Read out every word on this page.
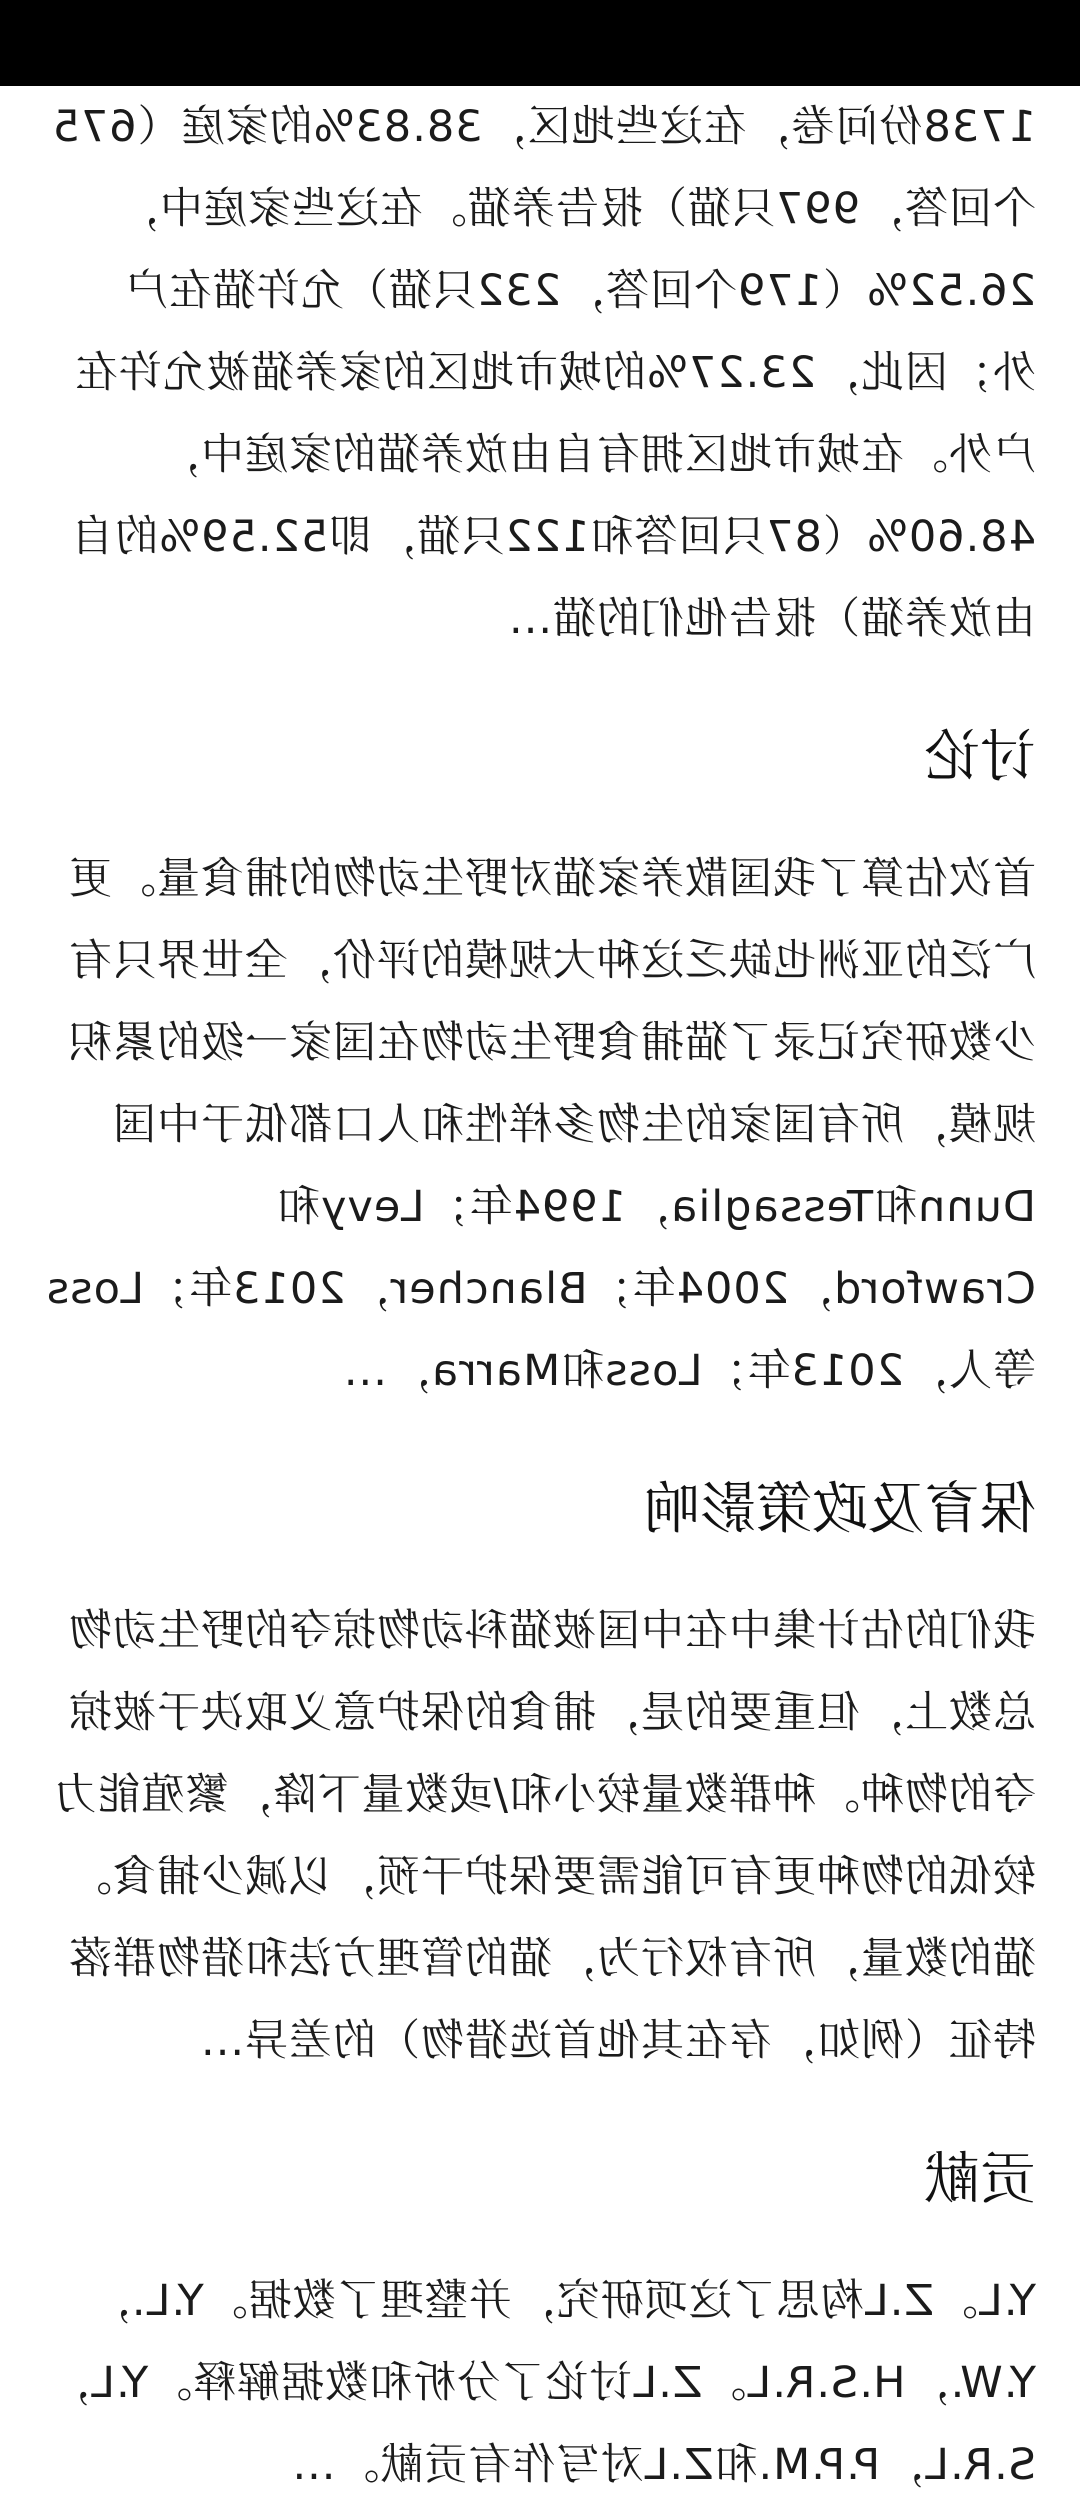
1738份问卷，在这些地区，38.83%的家庭（675个回答，997只猫）报告养猫。在这些家庭中，26.52%（179个回答，232只猫）允许猫在户外；因此，23.27%的城市地区的家养猫被允许在户外。在城市地区拥有自由放养猫的家庭中，48.60%（87只回答和122只猫，即52.59%的自由放养猫）报告他们的猫...

讨论

首次估算了我国散养家猫对野生动物的捕食量。更广泛的亚洲也缺乏这种大规模的评价，全世界只有少数研究记录了猫捕食野生动物在国家一级的累积规模，所有国家的生物多样性和人口都低于中国Dunn和Tessaglia，1994年；Levy和Crawford，2004年；Blancher，2013年；Loss等人，2013年；Loss和Marra，...

保育及政策影响

我们的估计集中在中国被猫科动物掠夺的野生动物总数上，但重要的是，捕食的保护意义取决于被掠夺的物种。种群数量较小和/或数量下降，繁殖能力较低的物种更有可能需要保护干预，以减少捕食。猫的数量，所有权行为，猫的管理方法和猎物群落特征（例如，存在其他首选猎物）的差异...

贡献

Y.L。Z.L构思了这项研究，并整理了数据。Y.L.，Y.W.，H.S.R.L。Z.L讨论了分析和数据解释。Y.L，S.R.L，P.P.M.和Z.L对写作有贡献。...
